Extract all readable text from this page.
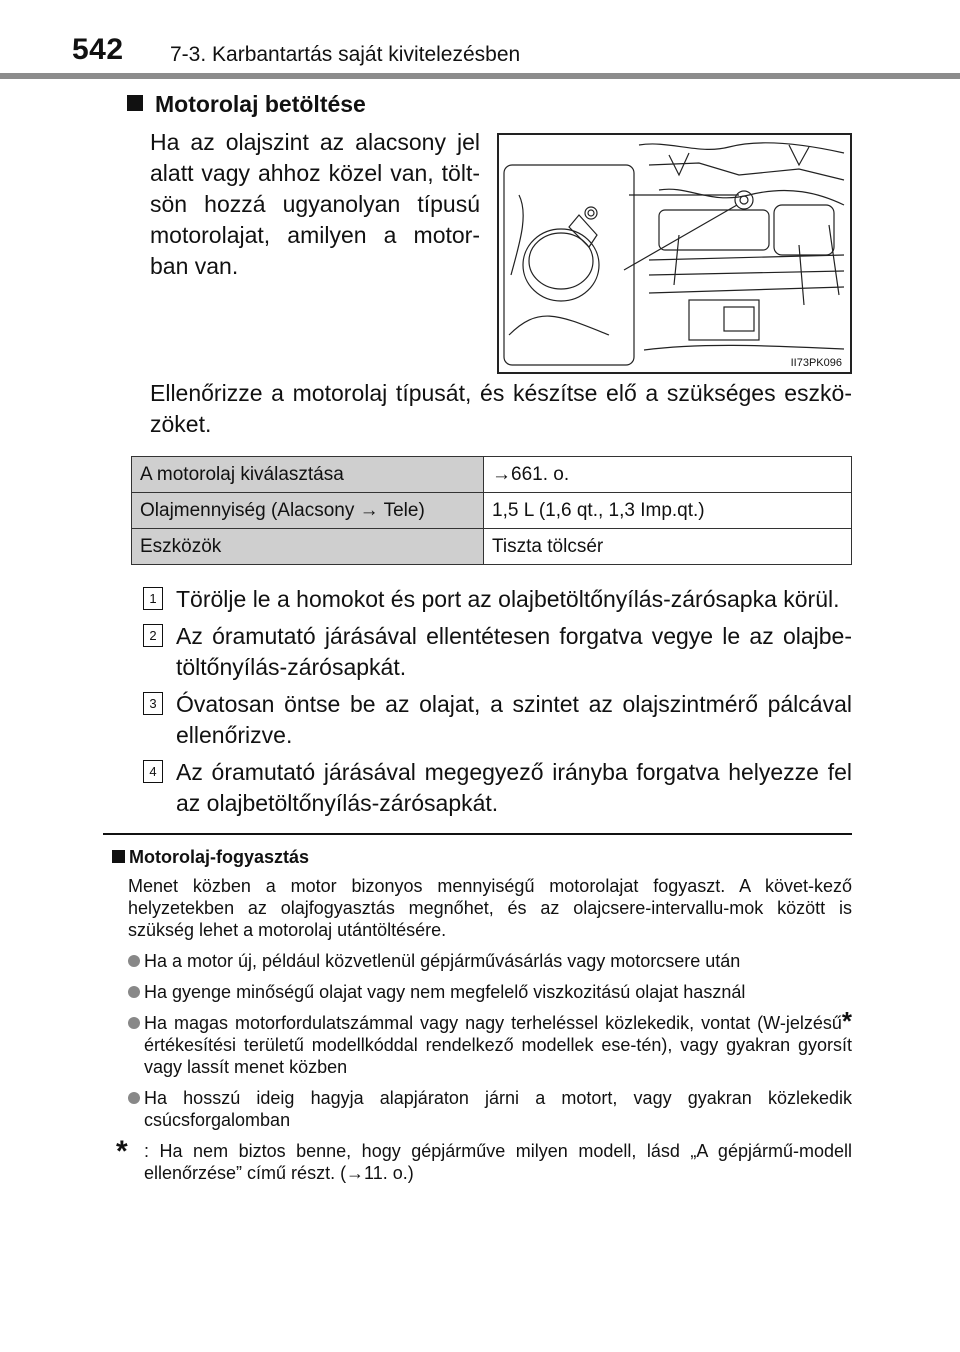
542 7-3. Karbantartás saját kivitelezésben
Motorolaj betöltése

Ha az olajszint az alacsony jel alatt vagy ahhoz közel van, tölt-sön hozzá ugyanolyan típusú motorolajat, amilyen a motor-ban van.

II73PK096

Ellenőrizze a motorolaj típusát, és készítse elő a szükséges eszkö-zöket.

A motorolaj kiválasztása	→661. o.
Olajmennyiség (Alacsony → Tele)	1,5 L (1,6 qt., 1,3 Imp.qt.)
Eszközök	Tiszta tölcsér
1 Törölje le a homokot és port az olajbetöltőnyílás-zárósapka körül.
2 Az óramutató járásával ellentétesen forgatva vegye le az olajbe-töltőnyílás-zárósapkát.
3 Óvatosan öntse be az olajat, a szintet az olajszintmérő pálcával ellenőrizve.
4 Az óramutató járásával megegyező irányba forgatva helyezze fel az olajbetöltőnyílás-zárósapkát.
Motorolaj-fogyasztás
Menet közben a motor bizonyos mennyiségű motorolajat fogyaszt. A követ-kező helyzetekben az olajfogyasztás megnőhet, és az olajcsere-intervallu-mok között is szükség lehet a motorolaj utántöltésére.
Ha a motor új, például közvetlenül gépjárművásárlás vagy motorcsere után
Ha gyenge minőségű olajat vagy nem megfelelő viszkozitású olajat használ
Ha magas motorfordulatszámmal vagy nagy terheléssel közlekedik, vontat (W-jelzésű* értékesítési területű modellkóddal rendelkező modellek ese-tén), vagy gyakran gyorsít vagy lassít menet közben
Ha hosszú ideig hagyja alapjáraton járni a motort, vagy gyakran közlekedik csúcsforgalomban
* : Ha nem biztos benne, hogy gépjárműve milyen modell, lásd „A gépjármű-modell ellenőrzése” című részt. (→11. o.)
